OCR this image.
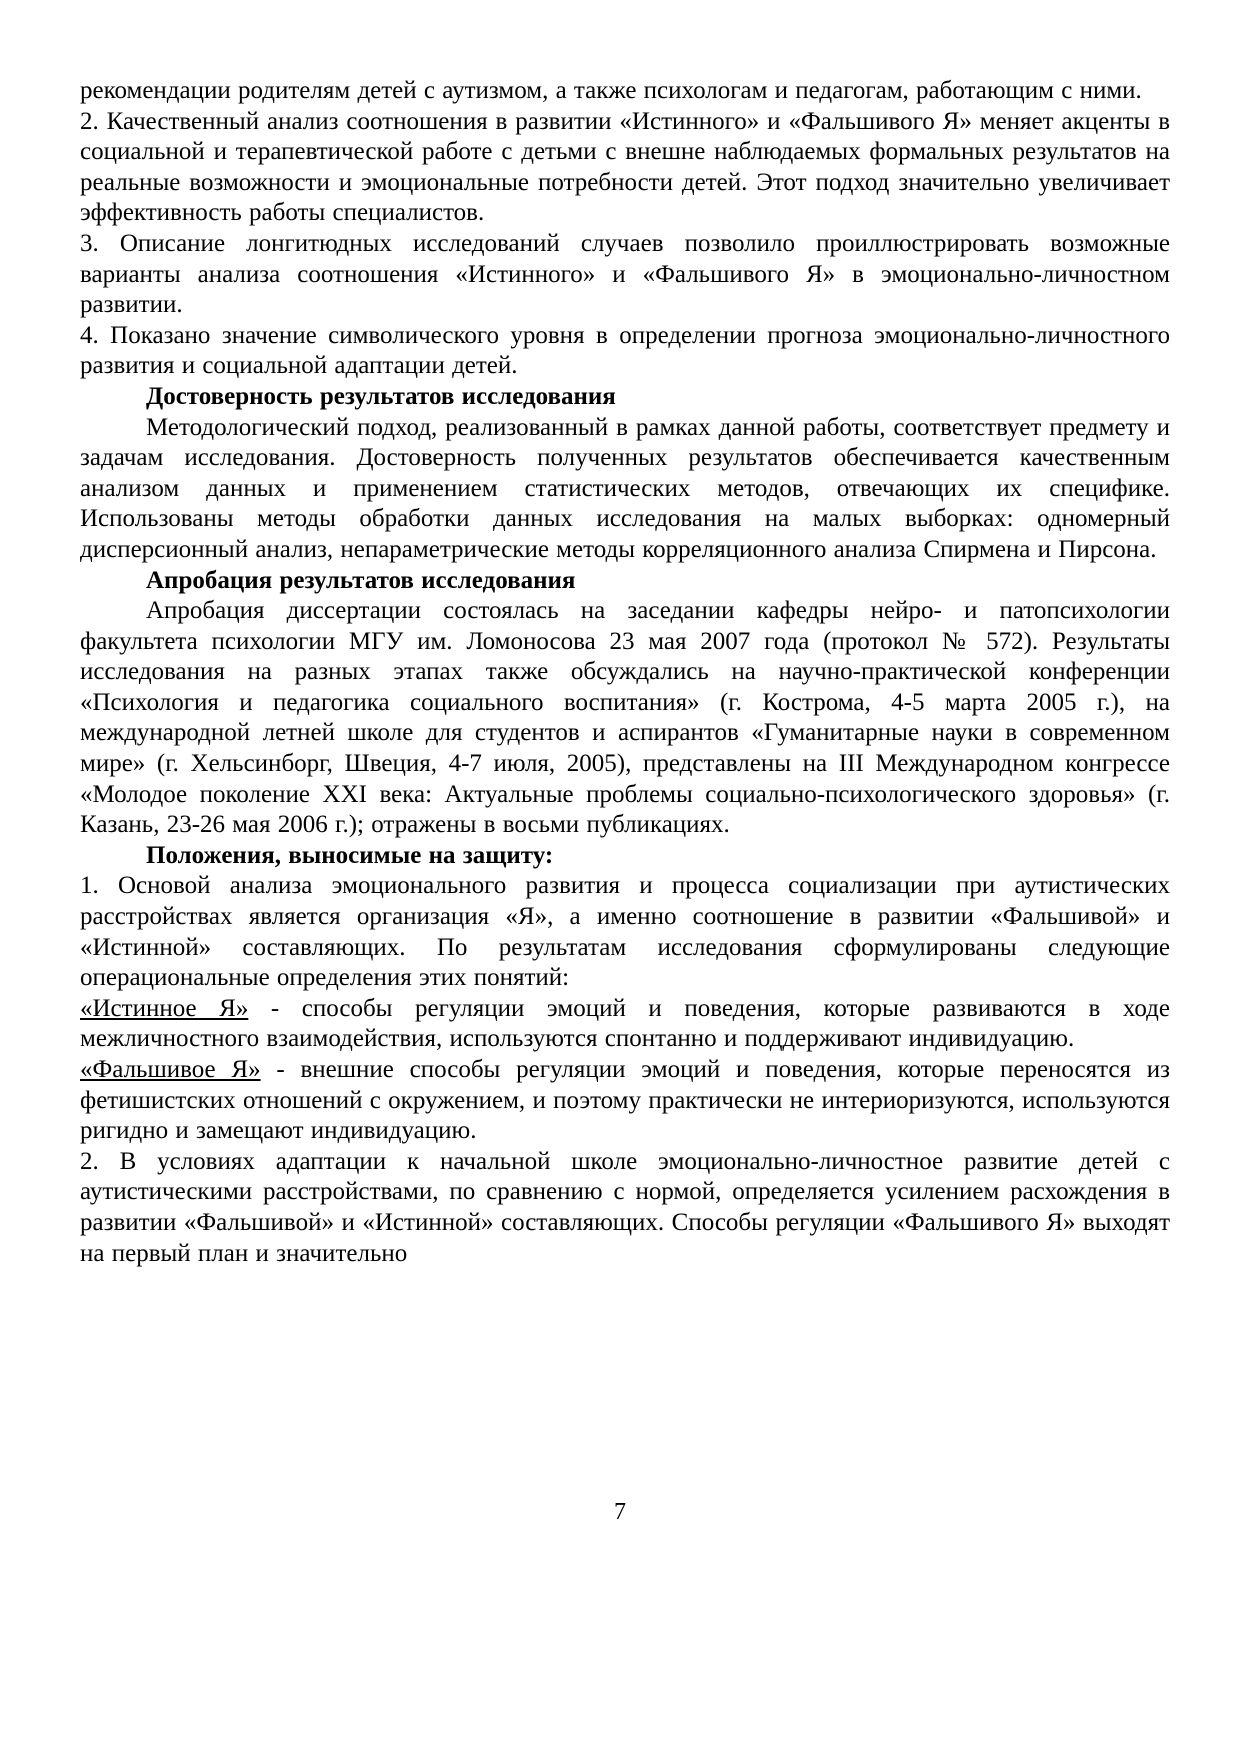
рекомендации родителям детей с аутизмом, а также психологам и педагогам, работающим с ними.

2. Качественный анализ соотношения в развитии «Истинного» и «Фальшивого Я» меняет акценты в социальной и терапевтической работе с детьми с внешне наблюдаемых формальных результатов на реальные возможности и эмоциональные потребности детей. Этот подход значительно увеличивает эффективность работы специалистов.

3. Описание лонгитюдных исследований случаев позволило проиллюстрировать возможные варианты анализа соотношения «Истинного» и «Фальшивого Я» в эмоционально-личностном развитии.

4. Показано значение символического уровня в определении прогноза эмоционально-личностного развития и социальной адаптации детей.

Достоверность результатов исследования

Методологический подход, реализованный в рамках данной работы, соответствует предмету и задачам исследования. Достоверность полученных результатов обеспечивается качественным анализом данных и применением статистических методов, отвечающих их специфике. Использованы методы обработки данных исследования на малых выборках: одномерный дисперсионный анализ, непараметрические методы корреляционного анализа Спирмена и Пирсона.

Апробация результатов исследования

Апробация диссертации состоялась на заседании кафедры нейро- и патопсихологии факультета психологии МГУ им. Ломоносова 23 мая 2007 года (протокол № 572). Результаты исследования на разных этапах также обсуждались на научно-практической конференции «Психология и педагогика социального воспитания» (г. Кострома, 4-5 марта 2005 г.), на международной летней школе для студентов и аспирантов «Гуманитарные науки в современном мире» (г. Хельсинборг, Швеция, 4-7 июля, 2005), представлены на III Международном конгрессе «Молодое поколение XXI века: Актуальные проблемы социально-психологического здоровья» (г. Казань, 23-26 мая 2006 г.); отражены в восьми публикациях.

Положения, выносимые на защиту:

1. Основой анализа эмоционального развития и процесса социализации при аутистических расстройствах является организация «Я», а именно соотношение в развитии «Фальшивой» и «Истинной» составляющих. По результатам исследования сформулированы следующие операциональные определения этих понятий:

«Истинное Я» - способы регуляции эмоций и поведения, которые развиваются в ходе межличностного взаимодействия, используются спонтанно и поддерживают индивидуацию.

«Фальшивое Я» - внешние способы регуляции эмоций и поведения, которые переносятся из фетишистских отношений с окружением, и поэтому практически не интериоризуются, используются ригидно и замещают индивидуацию.

2. В условиях адаптации к начальной школе эмоционально-личностное развитие детей с аутистическими расстройствами, по сравнению с нормой, определяется усилением расхождения в развитии «Фальшивой» и «Истинной» составляющих. Способы регуляции «Фальшивого Я» выходят на первый план и значительно

7
